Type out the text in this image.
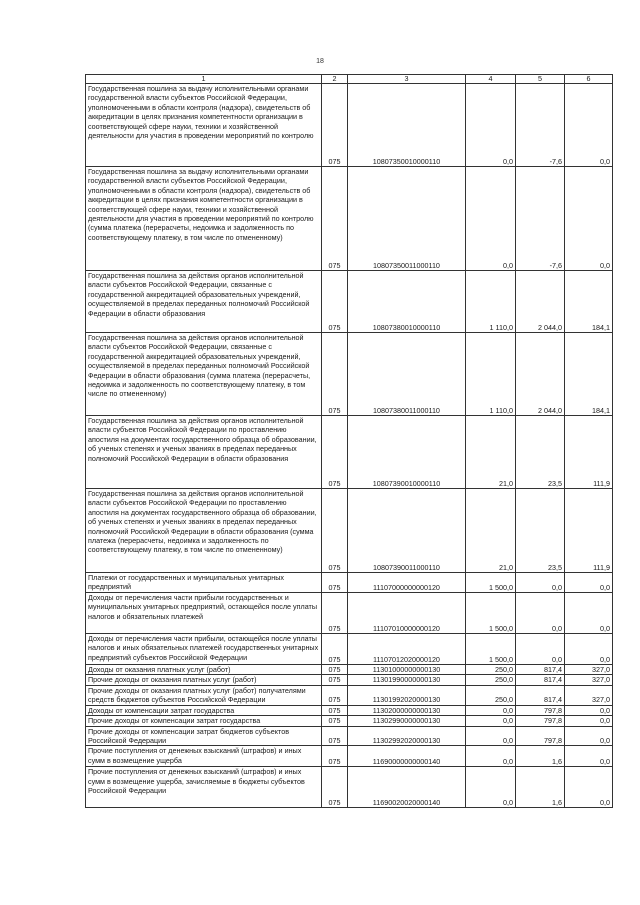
18
1	2	3	4	5	6
Государственная пошлина за выдачу исполнительными органами государственной власти субъектов Российской Федерации, уполномоченными в области контроля (надзора), свидетельств об аккредитации в целях признания компетентности организации в соответствующей сфере науки, техники и хозяйственной деятельности для участия в проведении мероприятий по контролю	075	10807350010000110	0,0	-7,6	0,0
Государственная пошлина за выдачу исполнительными органами государственной власти субъектов Российской Федерации, уполномоченными в области контроля (надзора), свидетельств об аккредитации в целях признания компетентности организации в соответствующей сфере науки, техники и хозяйственной деятельности для участия в проведении мероприятий по контролю (сумма платежа (перерасчеты, недоимка и задолженность по соответствующему платежу, в том числе по отмененному)	075	10807350011000110	0,0	-7,6	0,0
Государственная пошлина за действия органов исполнительной власти субъектов Российской Федерации, связанные с государственной аккредитацией образовательных учреждений, осуществляемой в пределах переданных полномочий Российской Федерации в области образования	075	10807380010000110	1 110,0	2 044,0	184,1
Государственная пошлина за действия органов исполнительной власти субъектов Российской Федерации, связанные с государственной аккредитацией образовательных учреждений, осуществляемой в пределах переданных полномочий Российской Федерации в области образования (сумма платежа (перерасчеты, недоимка и задолженность по соответствующему платежу, в том числе по отмененному)	075	10807380011000110	1 110,0	2 044,0	184,1
Государственная пошлина за действия органов исполнительной власти субъектов Российской Федерации по проставлению апостиля на документах государственного образца об образовании, об ученых степенях и ученых званиях в пределах переданных полномочий Российской Федерации в области образования	075	10807390010000110	21,0	23,5	111,9
Государственная пошлина за действия органов исполнительной власти субъектов Российской Федерации по проставлению апостиля на документах государственного образца об образовании, об ученых степенях и ученых званиях в пределах переданных полномочий Российской Федерации в области образования (сумма платежа (перерасчеты, недоимка и задолженность по соответствующему платежу, в том числе по отмененному)	075	10807390011000110	21,0	23,5	111,9
Платежи от государственных и муниципальных унитарных предприятий	075	11107000000000120	1 500,0	0,0	0,0
Доходы от перечисления части прибыли государственных и муниципальных унитарных предприятий, остающейся после уплаты налогов и обязательных платежей	075	11107010000000120	1 500,0	0,0	0,0
Доходы от перечисления части прибыли, остающейся после уплаты налогов и иных обязательных платежей государственных унитарных предприятий субъектов Российской Федерации	075	11107012020000120	1 500,0	0,0	0,0
Доходы от оказания платных услуг (работ)	075	11301000000000130	250,0	817,4	327,0
Прочие доходы от оказания платных услуг (работ)	075	11301990000000130	250,0	817,4	327,0
Прочие доходы от оказания платных услуг (работ) получателями средств бюджетов субъектов Российской Федерации	075	11301992020000130	250,0	817,4	327,0
Доходы от компенсации затрат государства	075	11302000000000130	0,0	797,8	0,0
Прочие доходы от компенсации затрат государства	075	11302990000000130	0,0	797,8	0,0
Прочие доходы от компенсации затрат бюджетов субъектов Российской Федерации	075	11302992020000130	0,0	797,8	0,0
Прочие поступления от денежных взысканий (штрафов) и иных сумм в возмещение ущерба	075	11690000000000140	0,0	1,6	0,0
Прочие поступления от денежных взысканий (штрафов) и иных сумм в возмещение ущерба, зачисляемые в бюджеты субъектов Российской Федерации	075	11690020020000140	0,0	1,6	0,0
